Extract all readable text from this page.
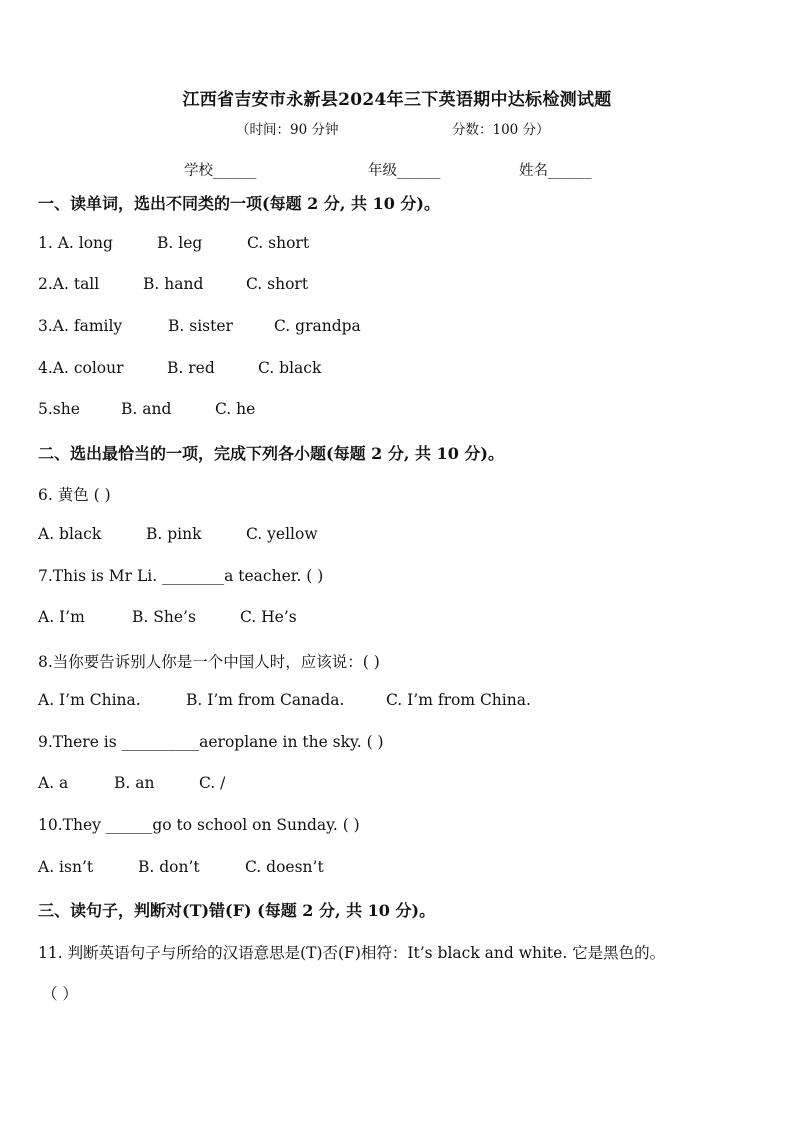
江西省吉安市永新县2024年三下英语期中达标检测试题
（时间：90 分钟	分数：100 分）
学校______	年级______	姓名______
一、读单词，选出不同类的一项(每题 2 分, 共 10 分)。
1. A. long	B. leg	C. short
2.A. tall	B. hand	C. short
3.A. family	B. sister	C. grandpa
4.A. colour	B. red	C. black
5.she	B. and	C. he
二、选出最恰当的一项，完成下列各小题(每题 2 分, 共 10 分)。
6. 黄色 ( )
A. black	B. pink	C. yellow
7.This is Mr Li. ________a teacher. ( )
A. I’m	B. She’s	C. He’s
8.当你要告诉别人你是一个中国人时，应该说：( )
A. I’m China.	B. I’m from Canada.	C. I’m from China.
9.There is __________aeroplane in the sky. ( )
A. a	B. an	C. /
10.They ______go to school on Sunday. ( )
A. isn’t	B. don’t	C. doesn’t
三、读句子，判断对(T)错(F) (每题 2 分, 共 10 分)。
11. 判断英语句子与所给的汉语意思是(T)否(F)相符：It’s black and white. 它是黑色的。
（ ）
